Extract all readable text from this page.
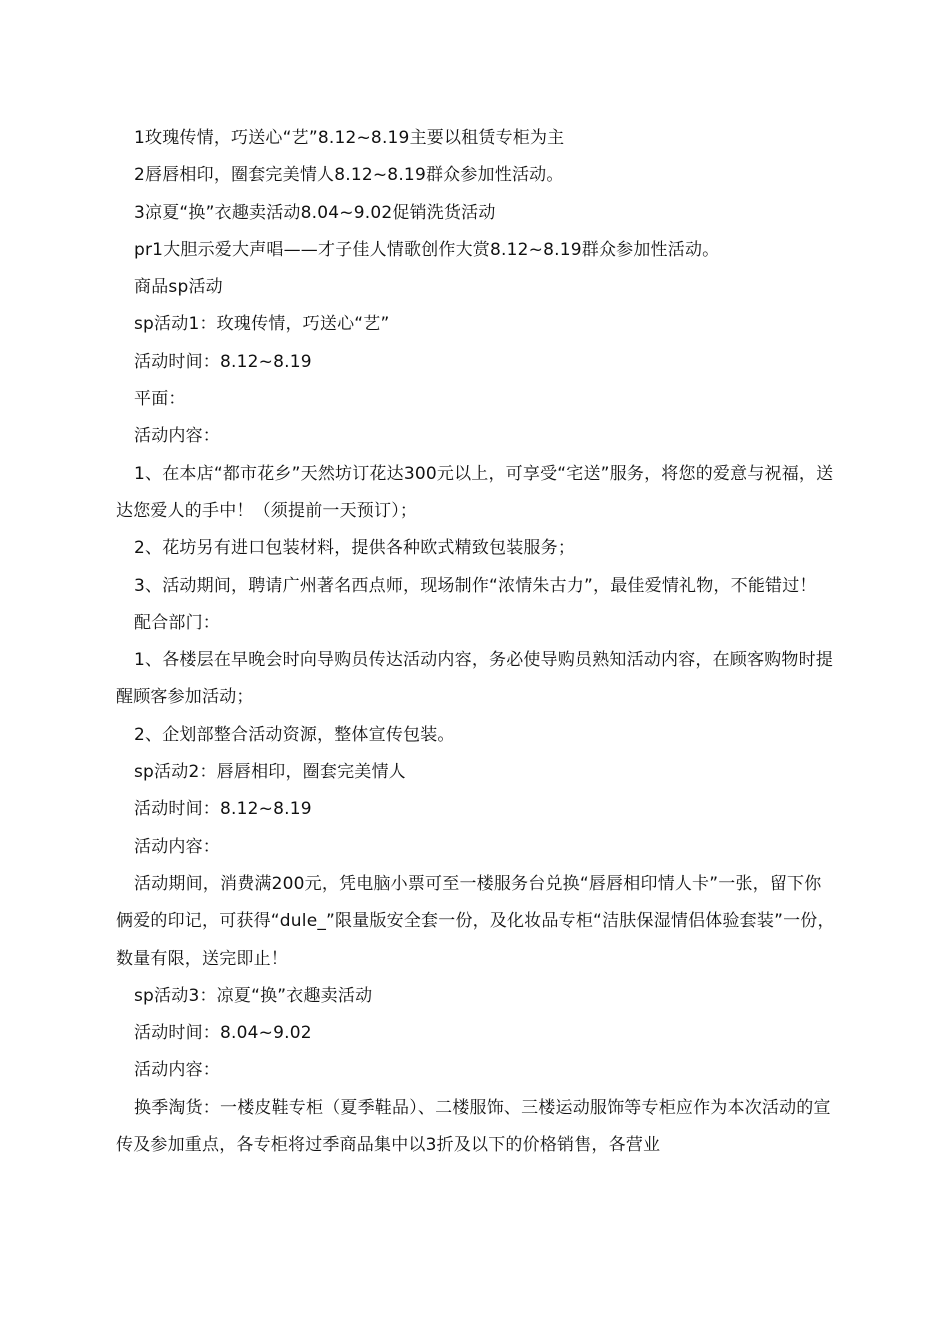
1玫瑰传情，巧送心“艺”8.12~8.19主要以租赁专柜为主

2唇唇相印，圈套完美情人8.12~8.19群众参加性活动。

3凉夏“换”衣趣卖活动8.04~9.02促销洗货活动

pr1大胆示爱大声唱——才子佳人情歌创作大赏8.12~8.19群众参加性活动。

商品sp活动

sp活动1：玫瑰传情，巧送心“艺”

活动时间：8.12~8.19

平面：

活动内容：

1、在本店“都市花乡”天然坊订花达300元以上，可享受“宅送”服务，将您的爱意与祝福，送达您爱人的手中！（须提前一天预订）；

2、花坊另有进口包装材料，提供各种欧式精致包装服务；

3、活动期间，聘请广州著名西点师，现场制作“浓情朱古力”，最佳爱情礼物，不能错过！

配合部门：

1、各楼层在早晚会时向导购员传达活动内容，务必使导购员熟知活动内容，在顾客购物时提醒顾客参加活动；

2、企划部整合活动资源，整体宣传包装。

sp活动2：唇唇相印，圈套完美情人

活动时间：8.12~8.19

活动内容：

活动期间，消费满200元，凭电脑小票可至一楼服务台兑换“唇唇相印情人卡”一张，留下你俩爱的印记，可获得“dule_”限量版安全套一份，及化妆品专柜“洁肤保湿情侣体验套装”一份，数量有限，送完即止！

sp活动3：凉夏“换”衣趣卖活动

活动时间：8.04~9.02

活动内容：

换季淘货：一楼皮鞋专柜（夏季鞋品）、二楼服饰、三楼运动服饰等专柜应作为本次活动的宣传及参加重点，各专柜将过季商品集中以3折及以下的价格销售，各营业
